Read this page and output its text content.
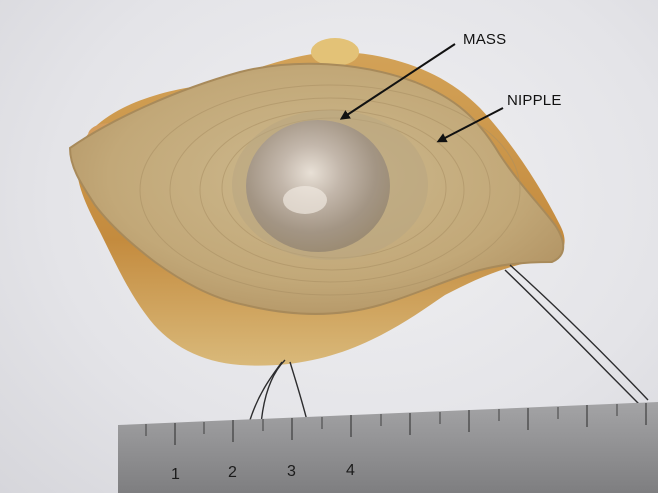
MASS
NIPPLE
1	2	3	4
